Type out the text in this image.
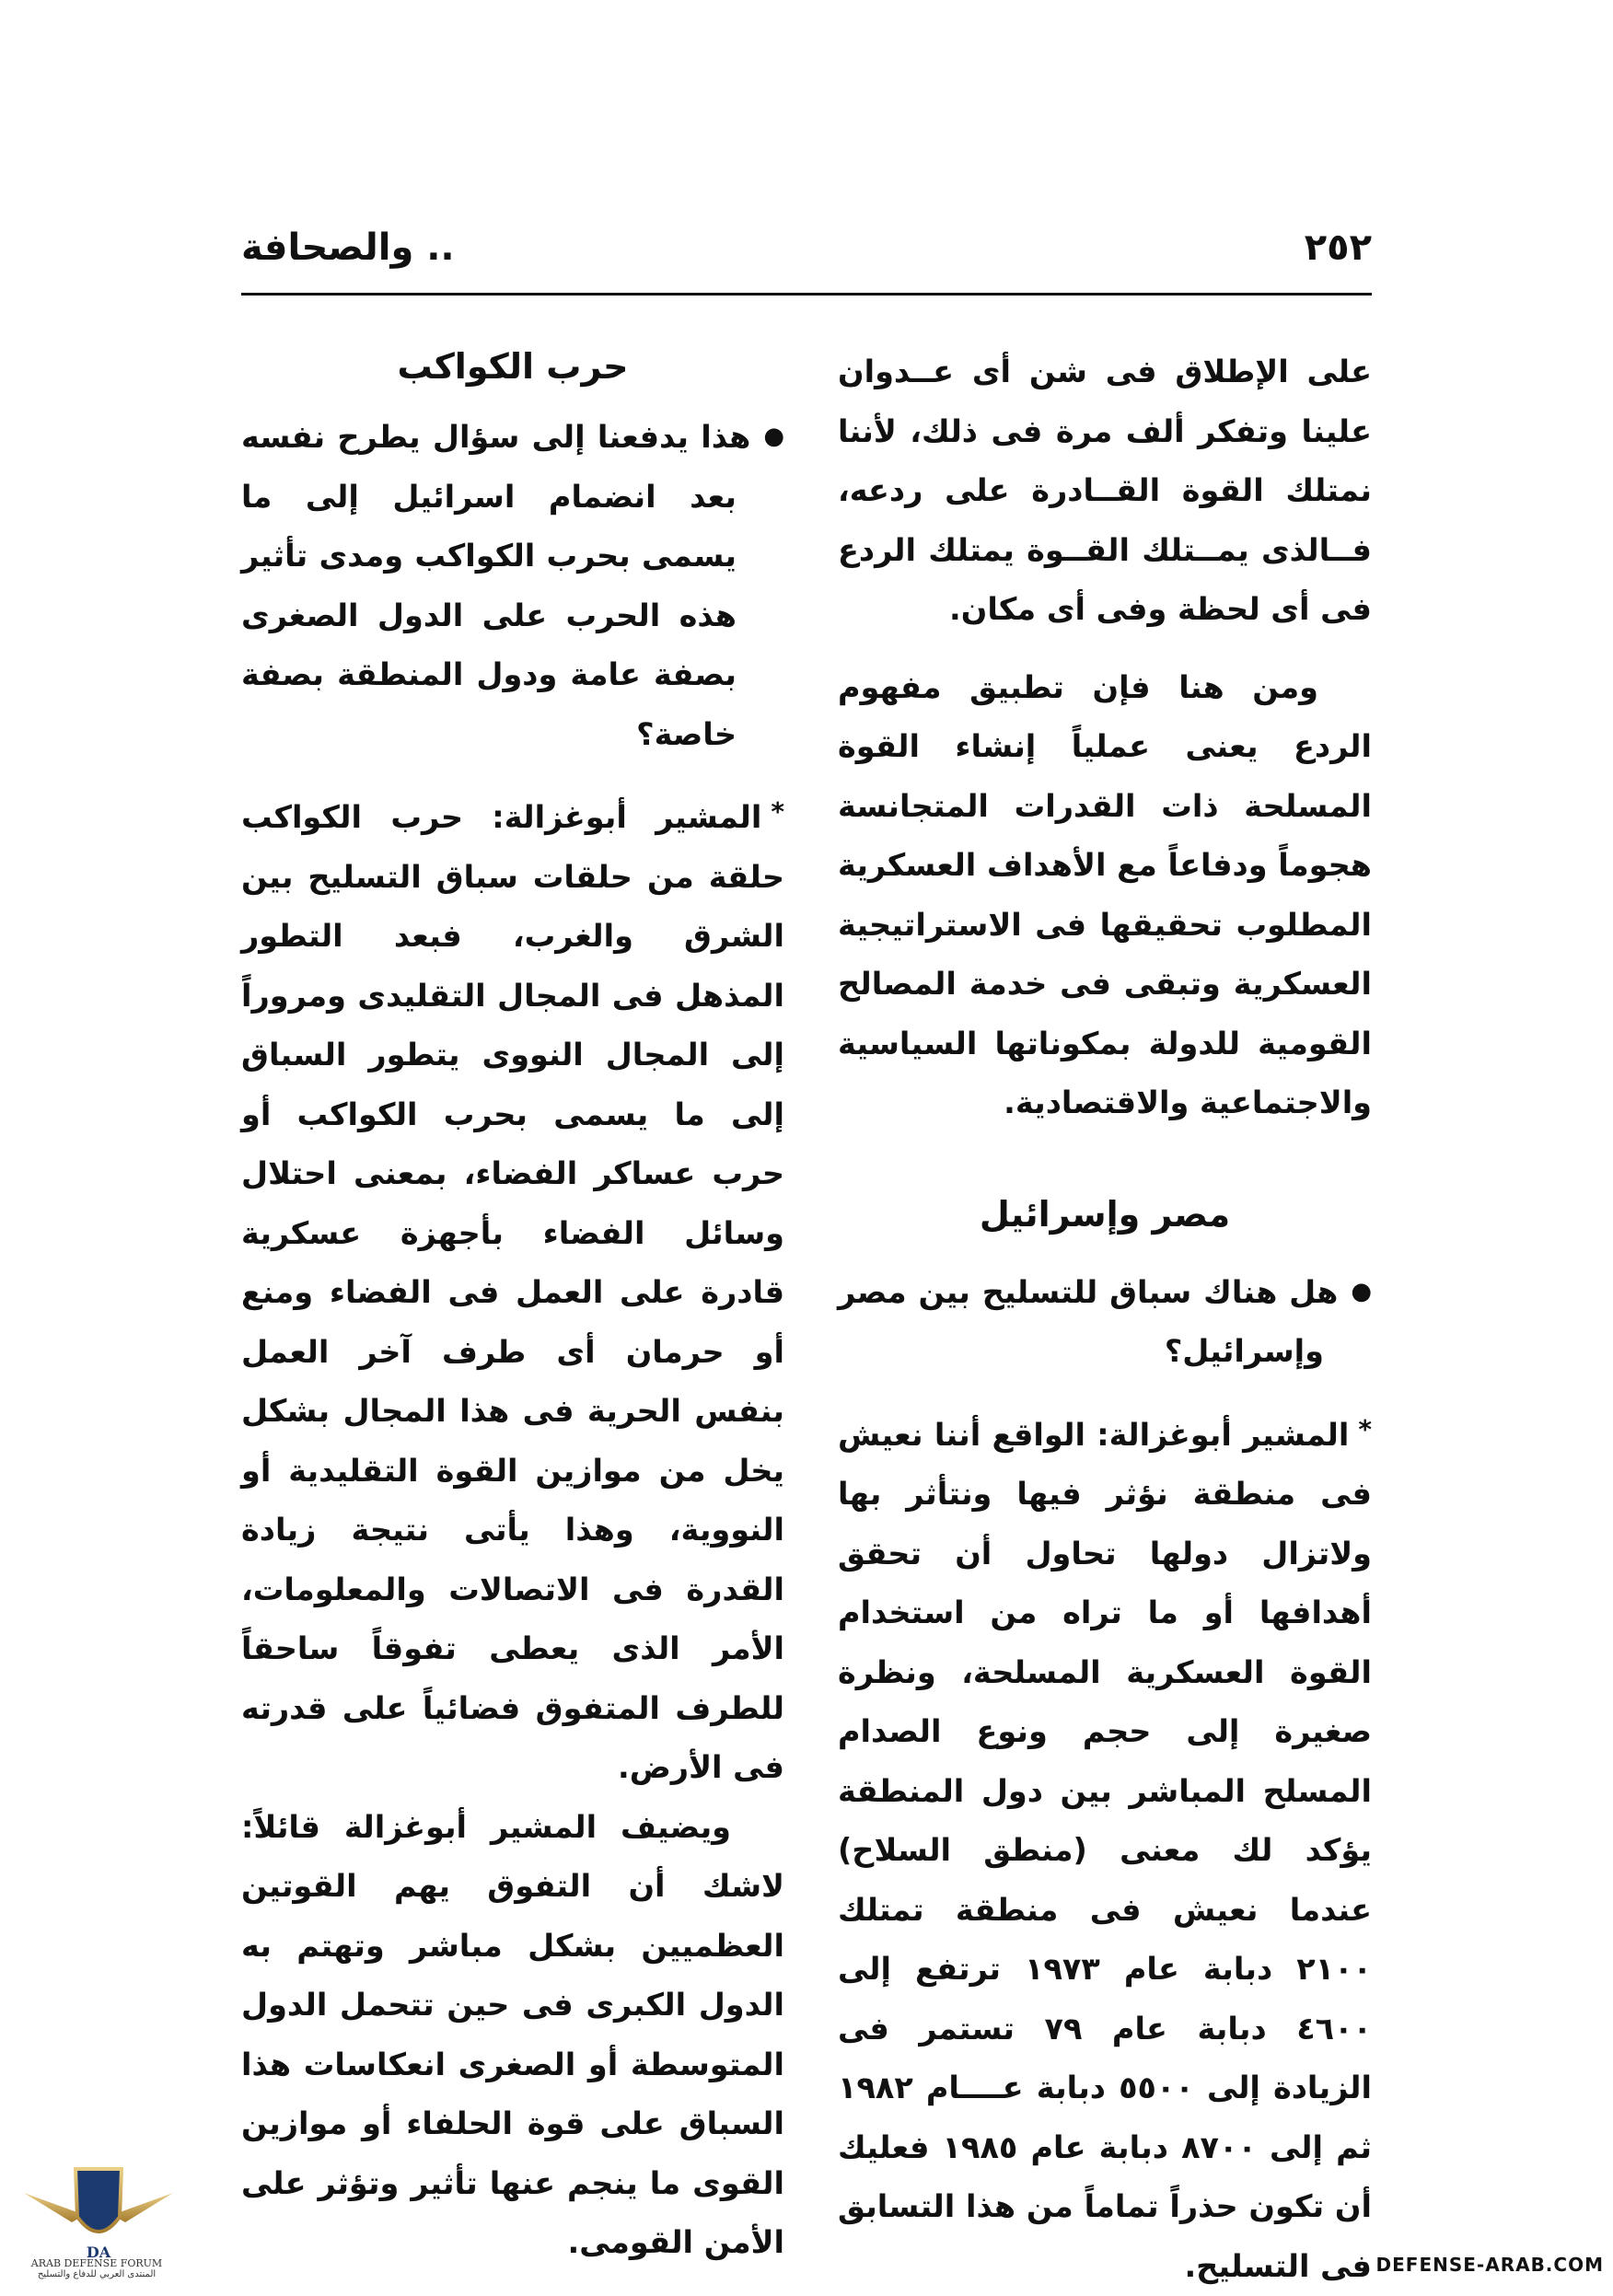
٢٥٢
.. والصحافة

على الإطلاق فى شن أى عــدوان علينا وتفكر ألف مرة فى ذلك، لأننا نمتلك القوة القــادرة على ردعه، فــالذى يمــتلك القــوة يمتلك الردع فى أى لحظة وفى أى مكان.

ومن هنا فإن تطبيق مفهوم الردع يعنى عملياً إنشاء القوة المسلحة ذات القدرات المتجانسة هجوماً ودفاعاً مع الأهداف العسكرية المطلوب تحقيقها فى الاستراتيجية العسكرية وتبقى فى خدمة المصالح القومية للدولة بمكوناتها السياسية والاجتماعية والاقتصادية.

مصر وإسرائيل

●هل هناك سباق للتسليح بين مصر وإسرائيل؟

*المشير أبوغزالة: الواقع أننا نعيش فى منطقة نؤثر فيها ونتأثر بها ولاتزال دولها تحاول أن تحقق أهدافها أو ما تراه من استخدام القوة العسكرية المسلحة، ونظرة صغيرة إلى حجم ونوع الصدام المسلح المباشر بين دول المنطقة يؤكد لك معنى (منطق السلاح) عندما نعيش فى منطقة تمتلك ٢١٠٠ دبابة عام ١٩٧٣ ترتفع إلى ٤٦٠٠ دبابة عام ٧٩ تستمر فى الزيادة إلى ٥٥٠٠ دبابة عــــام ١٩٨٢ ثم إلى ٨٧٠٠ دبابة عام ١٩٨٥ فعليك أن تكون حذراً تماماً من هذا التسابق فى التسليح.

حرب الكواكب

●هذا يدفعنا إلى سؤال يطرح نفسه بعد انضمام اسرائيل إلى ما يسمى بحرب الكواكب ومدى تأثير هذه الحرب على الدول الصغرى بصفة عامة ودول المنطقة بصفة خاصة؟

*المشير أبوغزالة: حرب الكواكب حلقة من حلقات سباق التسليح بين الشرق والغرب، فبعد التطور المذهل فى المجال التقليدى ومروراً إلى المجال النووى يتطور السباق إلى ما يسمى بحرب الكواكب أو حرب عساكر الفضاء، بمعنى احتلال وسائل الفضاء بأجهزة عسكرية قادرة على العمل فى الفضاء ومنع أو حرمان أى طرف آخر العمل بنفس الحرية فى هذا المجال بشكل يخل من موازين القوة التقليدية أو النووية، وهذا يأتى نتيجة زيادة القدرة فى الاتصالات والمعلومات، الأمر الذى يعطى تفوقاً ساحقاً للطرف المتفوق فضائياً على قدرته فى الأرض.

ويضيف المشير أبوغزالة قائلاً: لاشك أن التفوق يهم القوتين العظميين بشكل مباشر وتهتم به الدول الكبرى فى حين تتحمل الدول المتوسطة أو الصغرى انعكاسات هذا السباق على قوة الحلفاء أو موازين القوى ما ينجم عنها تأثير وتؤثر على الأمن القومى.

DA
ARAB DEFENSE FORUM
المنتدى العربي للدفاع والتسليح	DEFENSE-ARAB.COM
